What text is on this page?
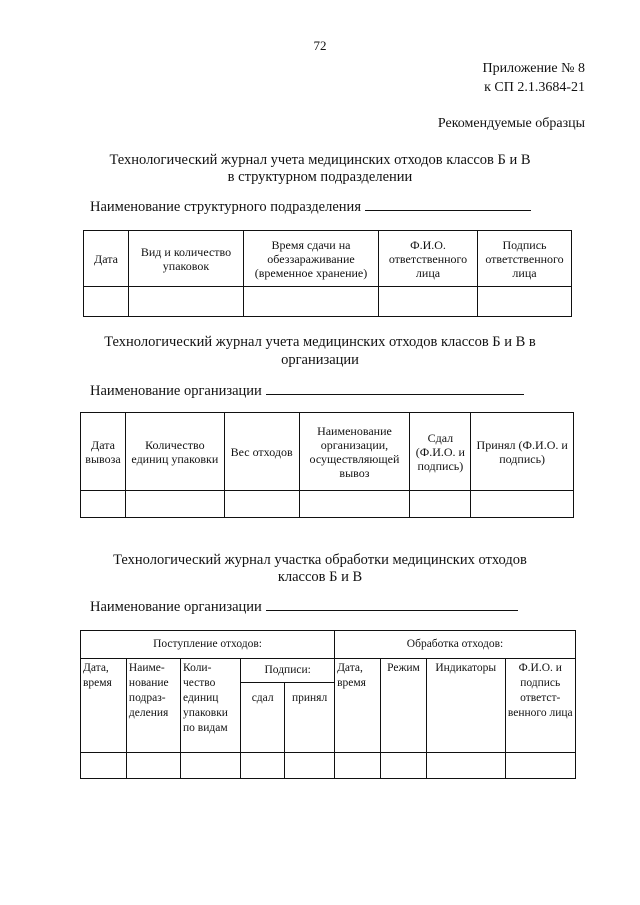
72
Приложение № 8
к СП 2.1.3684-21
Рекомендуемые образцы
Технологический журнал учета медицинских отходов классов Б и В
в структурном подразделении
Наименование структурного подразделения
Дата	Вид и количество упаковок	Время сдачи на обеззараживание (временное хранение)	Ф.И.О. ответственного лица	Подпись ответственного лица

Технологический журнал учета медицинских отходов классов Б и В в
организации
Наименование организации
Дата вывоза	Количество единиц упаковки	Вес отходов	Наименование организации, осуществляющей вывоз	Сдал (Ф.И.О. и подпись)	Принял (Ф.И.О. и подпись)

Технологический журнал участка обработки медицинских отходов
классов Б и В
Наименование организации
Поступление отходов:					Обработка отходов:			
Дата, время	Наиме-нование подраз-деления	Коли-чество единиц упаковки по видам	Подписи:		Дата, время	Режим	Индикаторы	Ф.И.О. и подпись ответст-венного лица
			сдал	принял				
